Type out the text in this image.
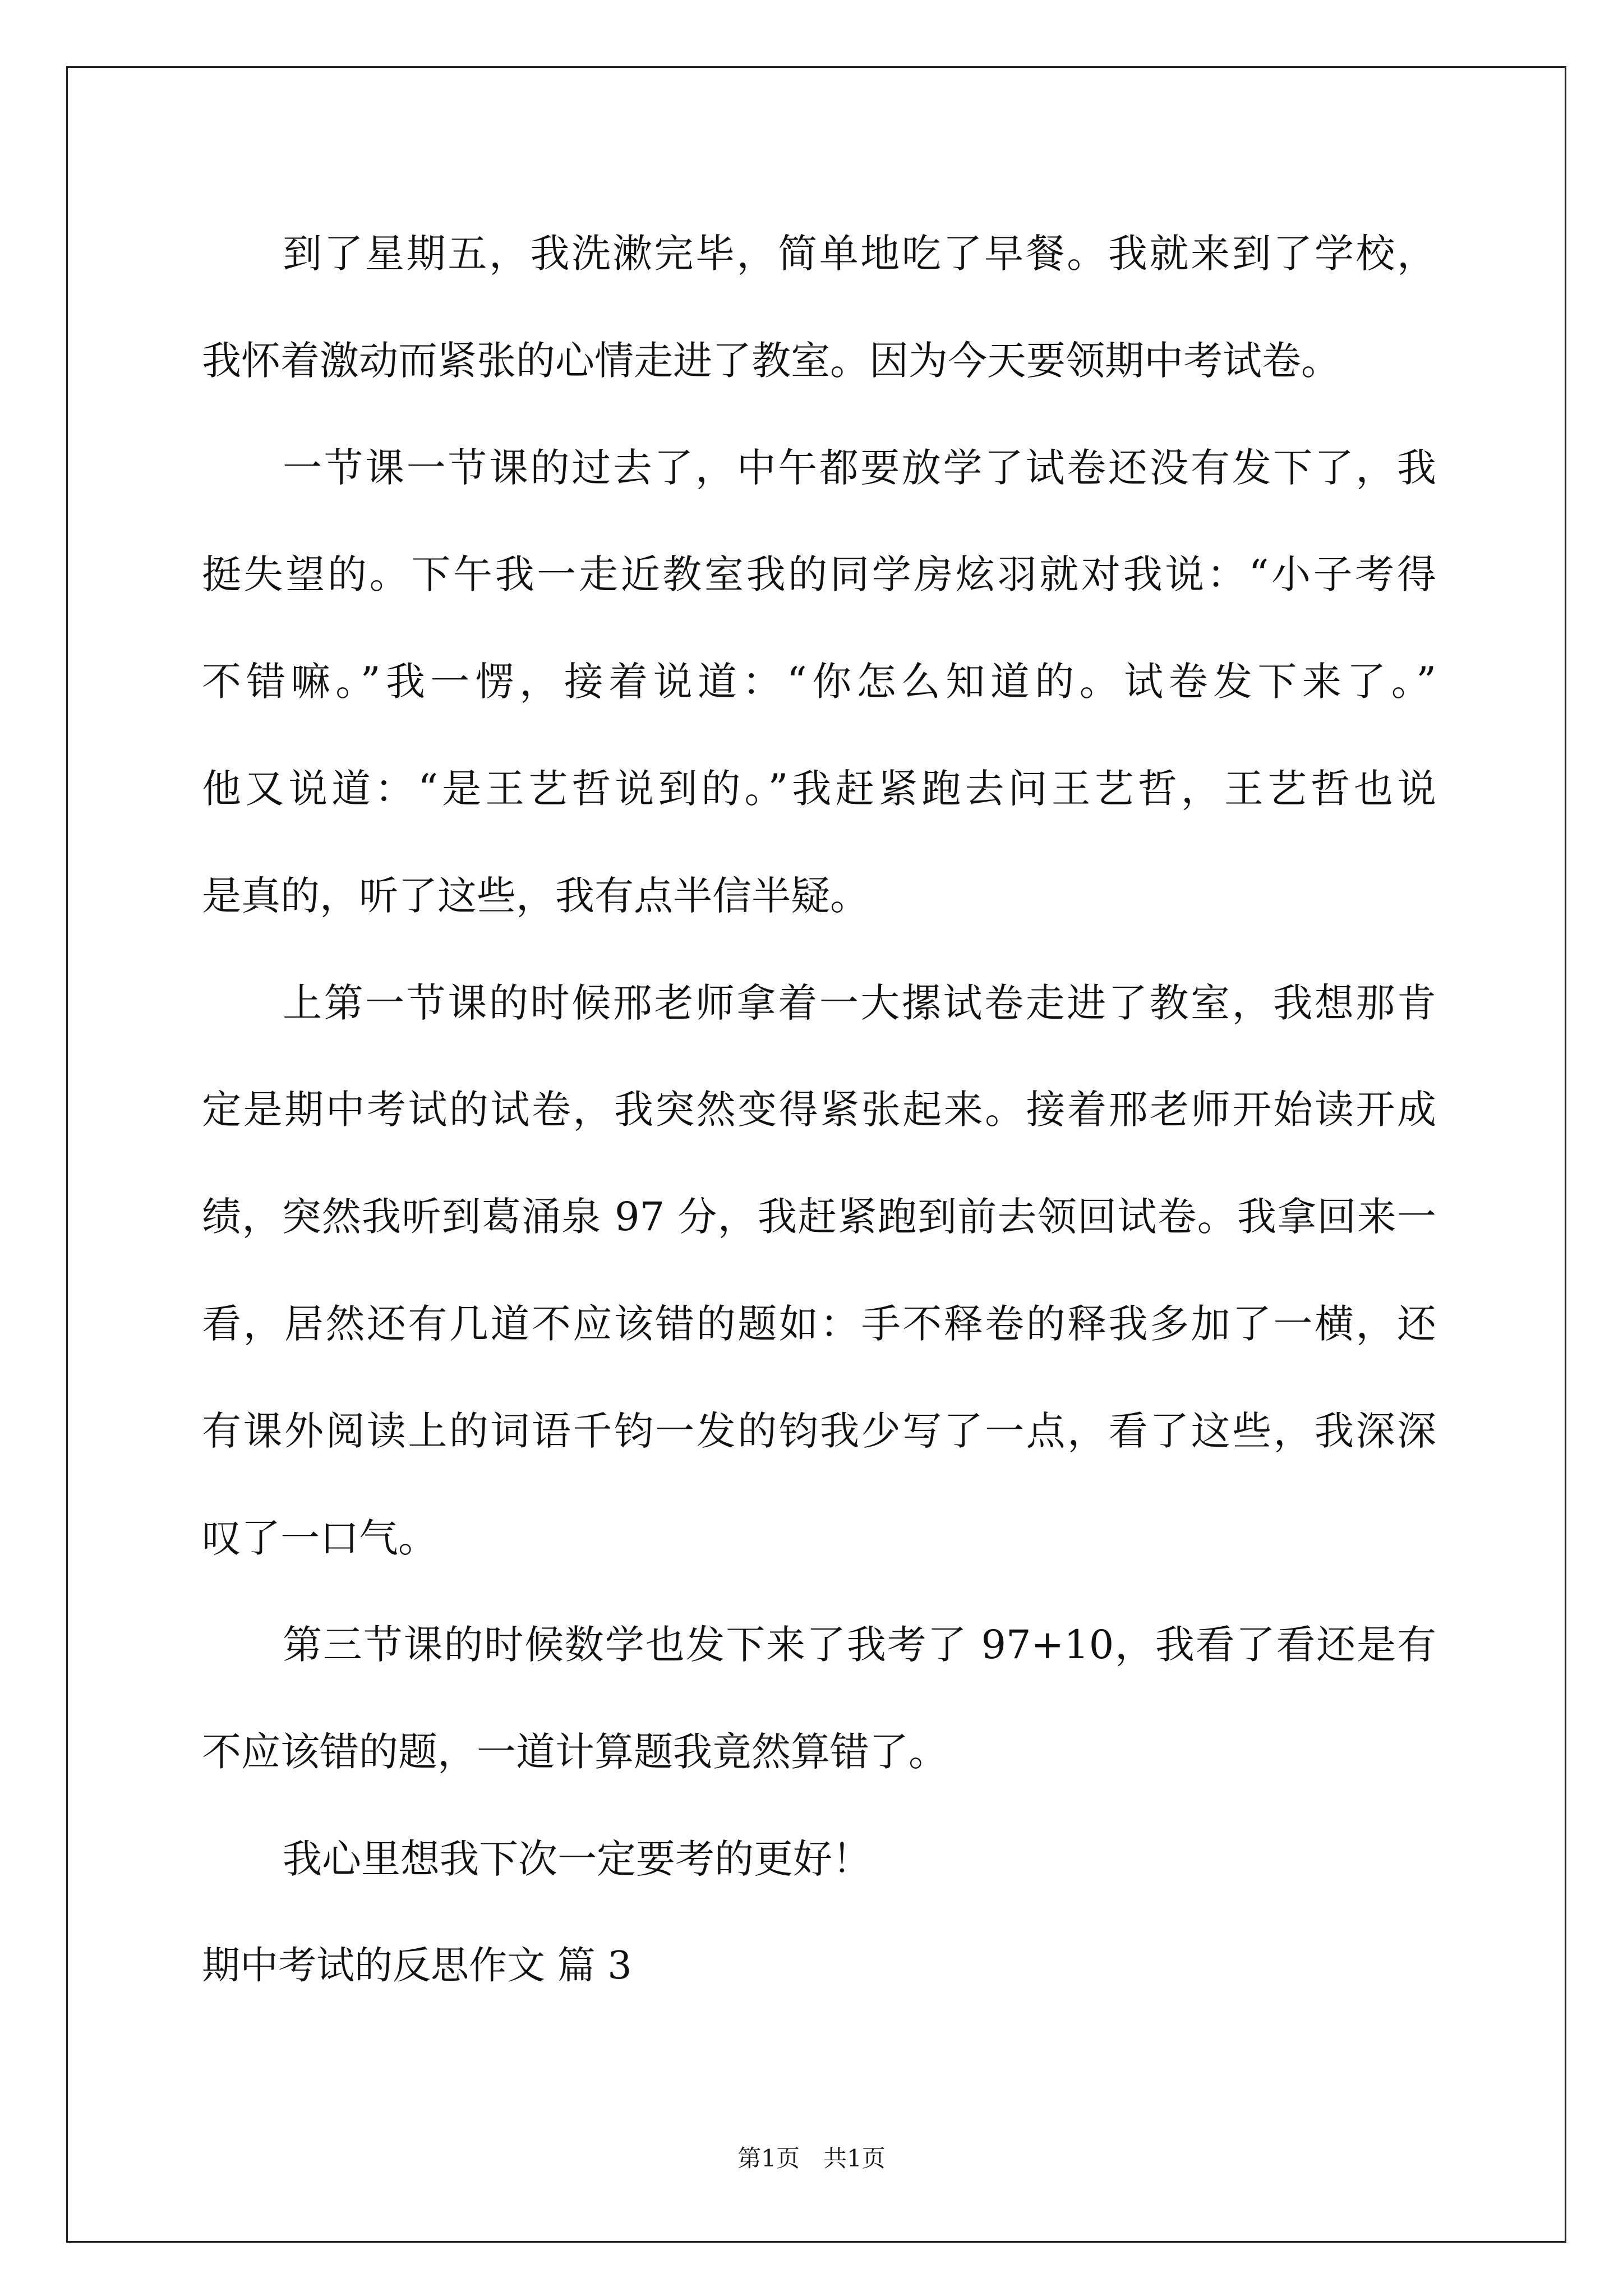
到了星期五，我洗漱完毕，简单地吃了早餐。我就来到了学校，
我怀着激动而紧张的心情走进了教室。因为今天要领期中考试卷。
一节课一节课的过去了，中午都要放学了试卷还没有发下了，我
挺失望的。下午我一走近教室我的同学房炫羽就对我说：“小子考得
不错嘛。”我一愣，接着说道：“你怎么知道的。试卷发下来了。”
他又说道：“是王艺哲说到的。”我赶紧跑去问王艺哲，王艺哲也说
是真的，听了这些，我有点半信半疑。
上第一节课的时候邢老师拿着一大摞试卷走进了教室，我想那肯
定是期中考试的试卷，我突然变得紧张起来。接着邢老师开始读开成
绩，突然我听到葛涌泉 97 分，我赶紧跑到前去领回试卷。我拿回来一
看，居然还有几道不应该错的题如：手不释卷的释我多加了一横，还
有课外阅读上的词语千钧一发的钧我少写了一点，看了这些，我深深
叹了一口气。
第三节课的时候数学也发下来了我考了 97+10，我看了看还是有
不应该错的题，一道计算题我竟然算错了。
我心里想我下次一定要考的更好！
期中考试的反思作文 篇 3
第1页　共1页
